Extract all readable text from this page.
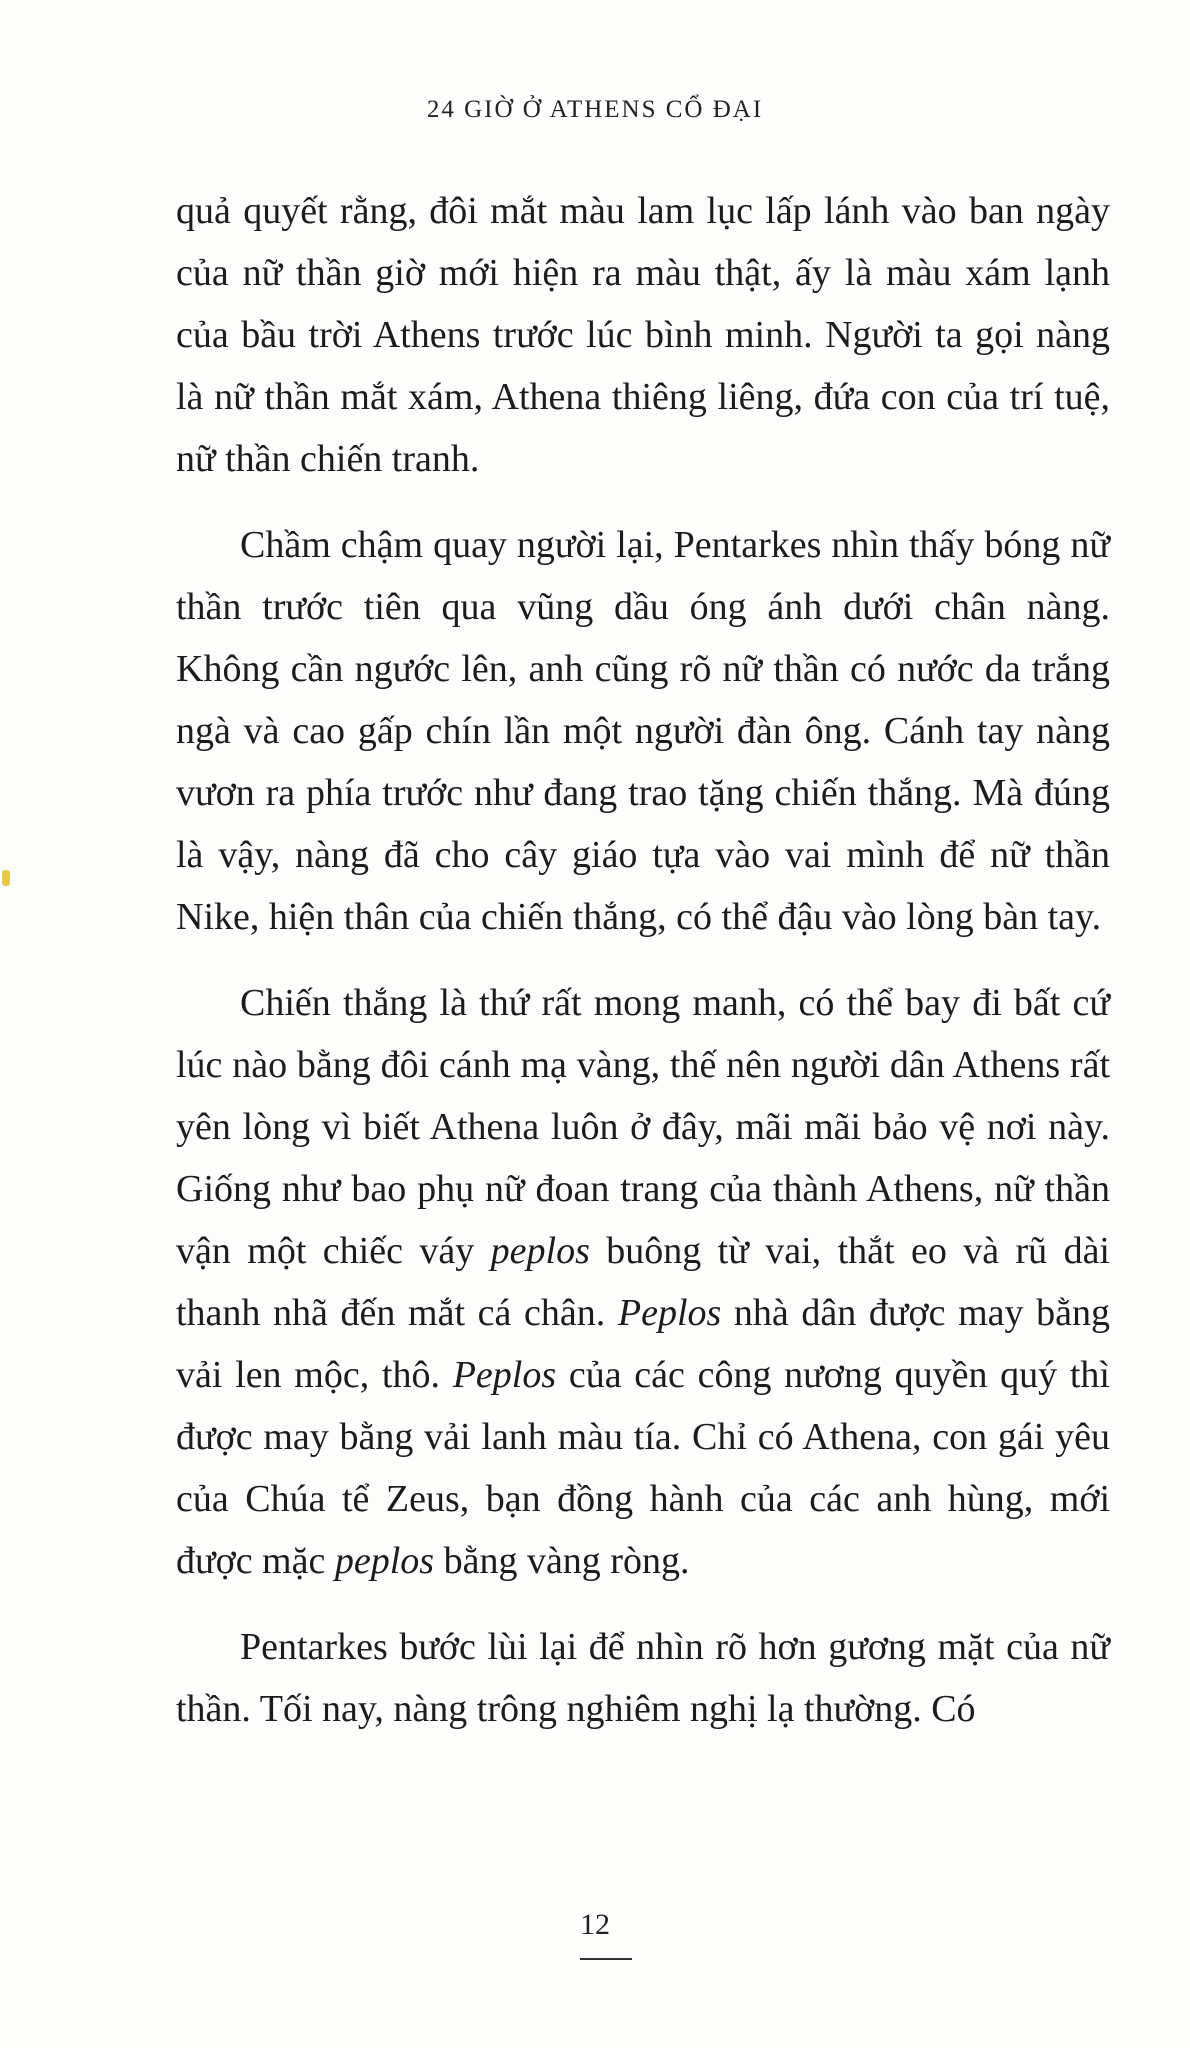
24 GIỜ Ở ATHENS CỔ ĐẠI

quả quyết rằng, đôi mắt màu lam lục lấp lánh vào ban ngày của nữ thần giờ mới hiện ra màu thật, ấy là màu xám lạnh của bầu trời Athens trước lúc bình minh. Người ta gọi nàng là nữ thần mắt xám, Athena thiêng liêng, đứa con của trí tuệ, nữ thần chiến tranh.

Chầm chậm quay người lại, Pentarkes nhìn thấy bóng nữ thần trước tiên qua vũng dầu óng ánh dưới chân nàng. Không cần ngước lên, anh cũng rõ nữ thần có nước da trắng ngà và cao gấp chín lần một người đàn ông. Cánh tay nàng vươn ra phía trước như đang trao tặng chiến thắng. Mà đúng là vậy, nàng đã cho cây giáo tựa vào vai mình để nữ thần Nike, hiện thân của chiến thắng, có thể đậu vào lòng bàn tay.

Chiến thắng là thứ rất mong manh, có thể bay đi bất cứ lúc nào bằng đôi cánh mạ vàng, thế nên người dân Athens rất yên lòng vì biết Athena luôn ở đây, mãi mãi bảo vệ nơi này. Giống như bao phụ nữ đoan trang của thành Athens, nữ thần vận một chiếc váy peplos buông từ vai, thắt eo và rũ dài thanh nhã đến mắt cá chân. Peplos nhà dân được may bằng vải len mộc, thô. Peplos của các công nương quyền quý thì được may bằng vải lanh màu tía. Chỉ có Athena, con gái yêu của Chúa tể Zeus, bạn đồng hành của các anh hùng, mới được mặc peplos bằng vàng ròng.

Pentarkes bước lùi lại để nhìn rõ hơn gương mặt của nữ thần. Tối nay, nàng trông nghiêm nghị lạ thường. Có

12
